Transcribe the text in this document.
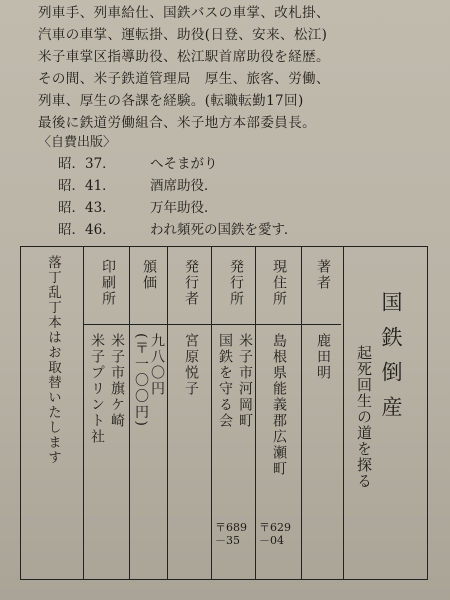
列車手、列車給仕、国鉄バスの車掌、改札掛、
汽車の車掌、運転掛、助役(日登、安来、松江)
米子車掌区指導助役、松江駅首席助役を経歴。
その間、米子鉄道管理局　厚生、旅客、労働、
列車、厚生の各課を経験。(転職転勤17回)
最後に鉄道労働組合、米子地方本部委員長。
〈自費出版〉
昭．37．	へそまがり
昭．41．	酒席助役．
昭．43．	万年助役．
昭．46．	われ頻死の国鉄を愛す．
国鉄倒産
起死回生の道を探る
著者
鹿田明
現住所
島根県能義郡広瀬町
〒629
－04
発行所
米子市河岡町
国鉄を守る会
〒689
－35
発行者
宮原悦子
頒価
九八〇円
(〒一〇〇円)
印刷所
米子市旗ケ崎
米子プリント社
落丁乱丁本はお取替いたします
